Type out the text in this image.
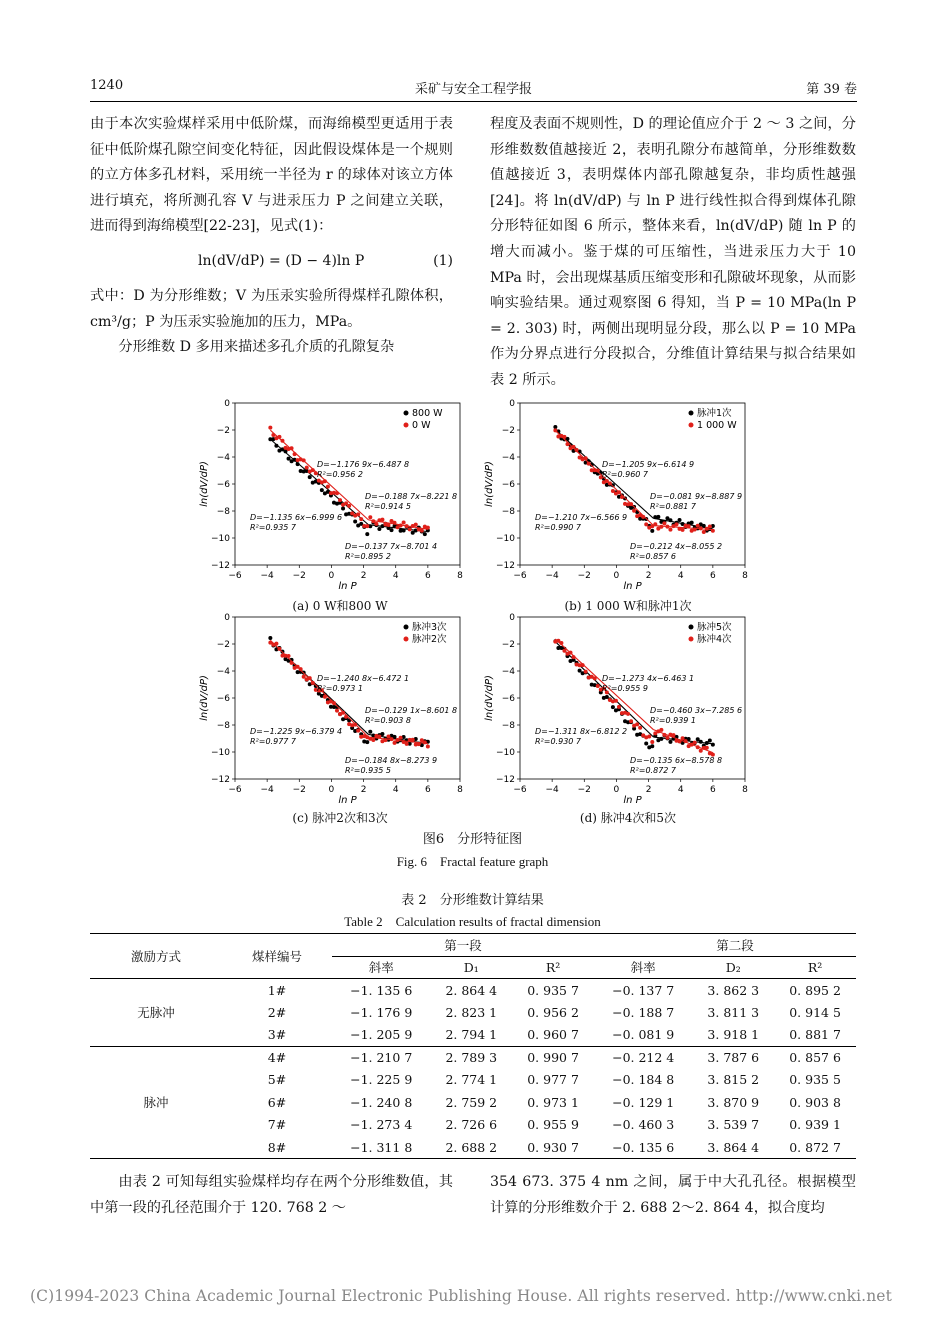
1240	采矿与安全工程学报	第 39 卷

由于本次实验煤样采用中低阶煤，而海绵模型更适用于表征中低阶煤孔隙空间变化特征，因此假设煤体是一个规则的立方体多孔材料，采用统一半径为 r 的球体对该立方体进行填充，将所测孔容 V 与进汞压力 P 之间建立关联，进而得到海绵模型[22-23]，见式(1)：

ln(dV/dP) = (D − 4)ln P	(1)

式中：D 为分形维数；V 为压汞实验所得煤样孔隙体积，cm³/g；P 为压汞实验施加的压力，MPa。

分形维数 D 多用来描述多孔介质的孔隙复杂

程度及表面不规则性，D 的理论值应介于 2 ～ 3 之间，分形维数数值越接近 2，表明孔隙分布越简单，分形维数数值越接近 3，表明煤体内部孔隙越复杂，非均质性越强[24]。将 ln(dV/dP) 与 ln P 进行线性拟合得到煤体孔隙分形特征如图 6 所示，整体来看，ln(dV/dP) 随 ln P 的增大而减小。鉴于煤的可压缩性，当进汞压力大于 10 MPa 时，会出现煤基质压缩变形和孔隙破坏现象，从而影响实验结果。通过观察图 6 得知，当 P = 10 MPa(ln P = 2. 303) 时，两侧出现明显分段，那么以 P = 10 MPa 作为分界点进行分段拟合，分维值计算结果与拟合结果如表 2 所示。

−6 −4 −2	0	2	4	6	8
0
−2
−4
−6
−8
−10
−12
ln P
ln(dV/dP)
800 W
0 W
D=−1.176 9x−6.487 8
R²=0.956 2
D=−0.188 7x−8.221 8
R²=0.914 5
D=−1.135 6x−6.999 6
R²=0.935 7
D=−0.137 7x−8.701 4
R²=0.895 2
−6 −4 −2	0	2	4	6	8
0
−2
−4
−6
−8
−10
−12
ln P
ln(dV/dP)
脉冲1次
1 000 W
D=−1.205 9x−6.614 9
R²=0.960 7
D=−0.081 9x−8.887 9
R²=0.881 7
D=−1.210 7x−6.566 9
R²=0.990 7
D=−0.212 4x−8.055 2
R²=0.857 6
−6 −4 −2	0	2	4	6	8
0
−2
−4
−6
−8
−10
−12
ln P
ln(dV/dP)
脉冲3次
脉冲2次
D=−1.240 8x−6.472 1
R²=0.973 1
D=−0.129 1x−8.601 8
R²=0.903 8
D=−1.225 9x−6.379 4
R²=0.977 7
D=−0.184 8x−8.273 9
R²=0.935 5
−6 −4 −2	0	2	4	6	8
0
−2
−4
−6
−8
−10
−12
ln P
ln(dV/dP)
脉冲5次
脉冲4次
D=−1.273 4x−6.463 1
R²=0.955 9
D=−0.460 3x−7.285 6
R²=0.939 1
D=−1.311 8x−6.812 2
R²=0.930 7
D=−0.135 6x−8.578 8
R²=0.872 7
(a) 0 W和800 W	(b) 1 000 W和脉冲1次
(c) 脉冲2次和3次	(d) 脉冲4次和5次
图6　分形特征图
Fig. 6　Fractal feature graph
表 2　分形维数计算结果
Table 2　Calculation results of fractal dimension
激励方式	煤样编号	第一段			第二段		
		斜率	D₁	R²	斜率	D₂	R²
无脉冲	1#	−1. 135 6	2. 864 4	0. 935 7	−0. 137 7	3. 862 3	0. 895 2
	2#	−1. 176 9	2. 823 1	0. 956 2	−0. 188 7	3. 811 3	0. 914 5
	3#	−1. 205 9	2. 794 1	0. 960 7	−0. 081 9	3. 918 1	0. 881 7
脉冲	4#	−1. 210 7	2. 789 3	0. 990 7	−0. 212 4	3. 787 6	0. 857 6
	5#	−1. 225 9	2. 774 1	0. 977 7	−0. 184 8	3. 815 2	0. 935 5
	6#	−1. 240 8	2. 759 2	0. 973 1	−0. 129 1	3. 870 9	0. 903 8
	7#	−1. 273 4	2. 726 6	0. 955 9	−0. 460 3	3. 539 7	0. 939 1
	8#	−1. 311 8	2. 688 2	0. 930 7	−0. 135 6	3. 864 4	0. 872 7

由表 2 可知每组实验煤样均存在两个分形维数值，其中第一段的孔径范围介于 120. 768 2 ～

354 673. 375 4 nm 之间，属于中大孔孔径。根据模型计算的分形维数介于 2. 688 2～2. 864 4，拟合度均

(C)1994-2023 China Academic Journal Electronic Publishing House. All rights reserved. http://www.cnki.net
